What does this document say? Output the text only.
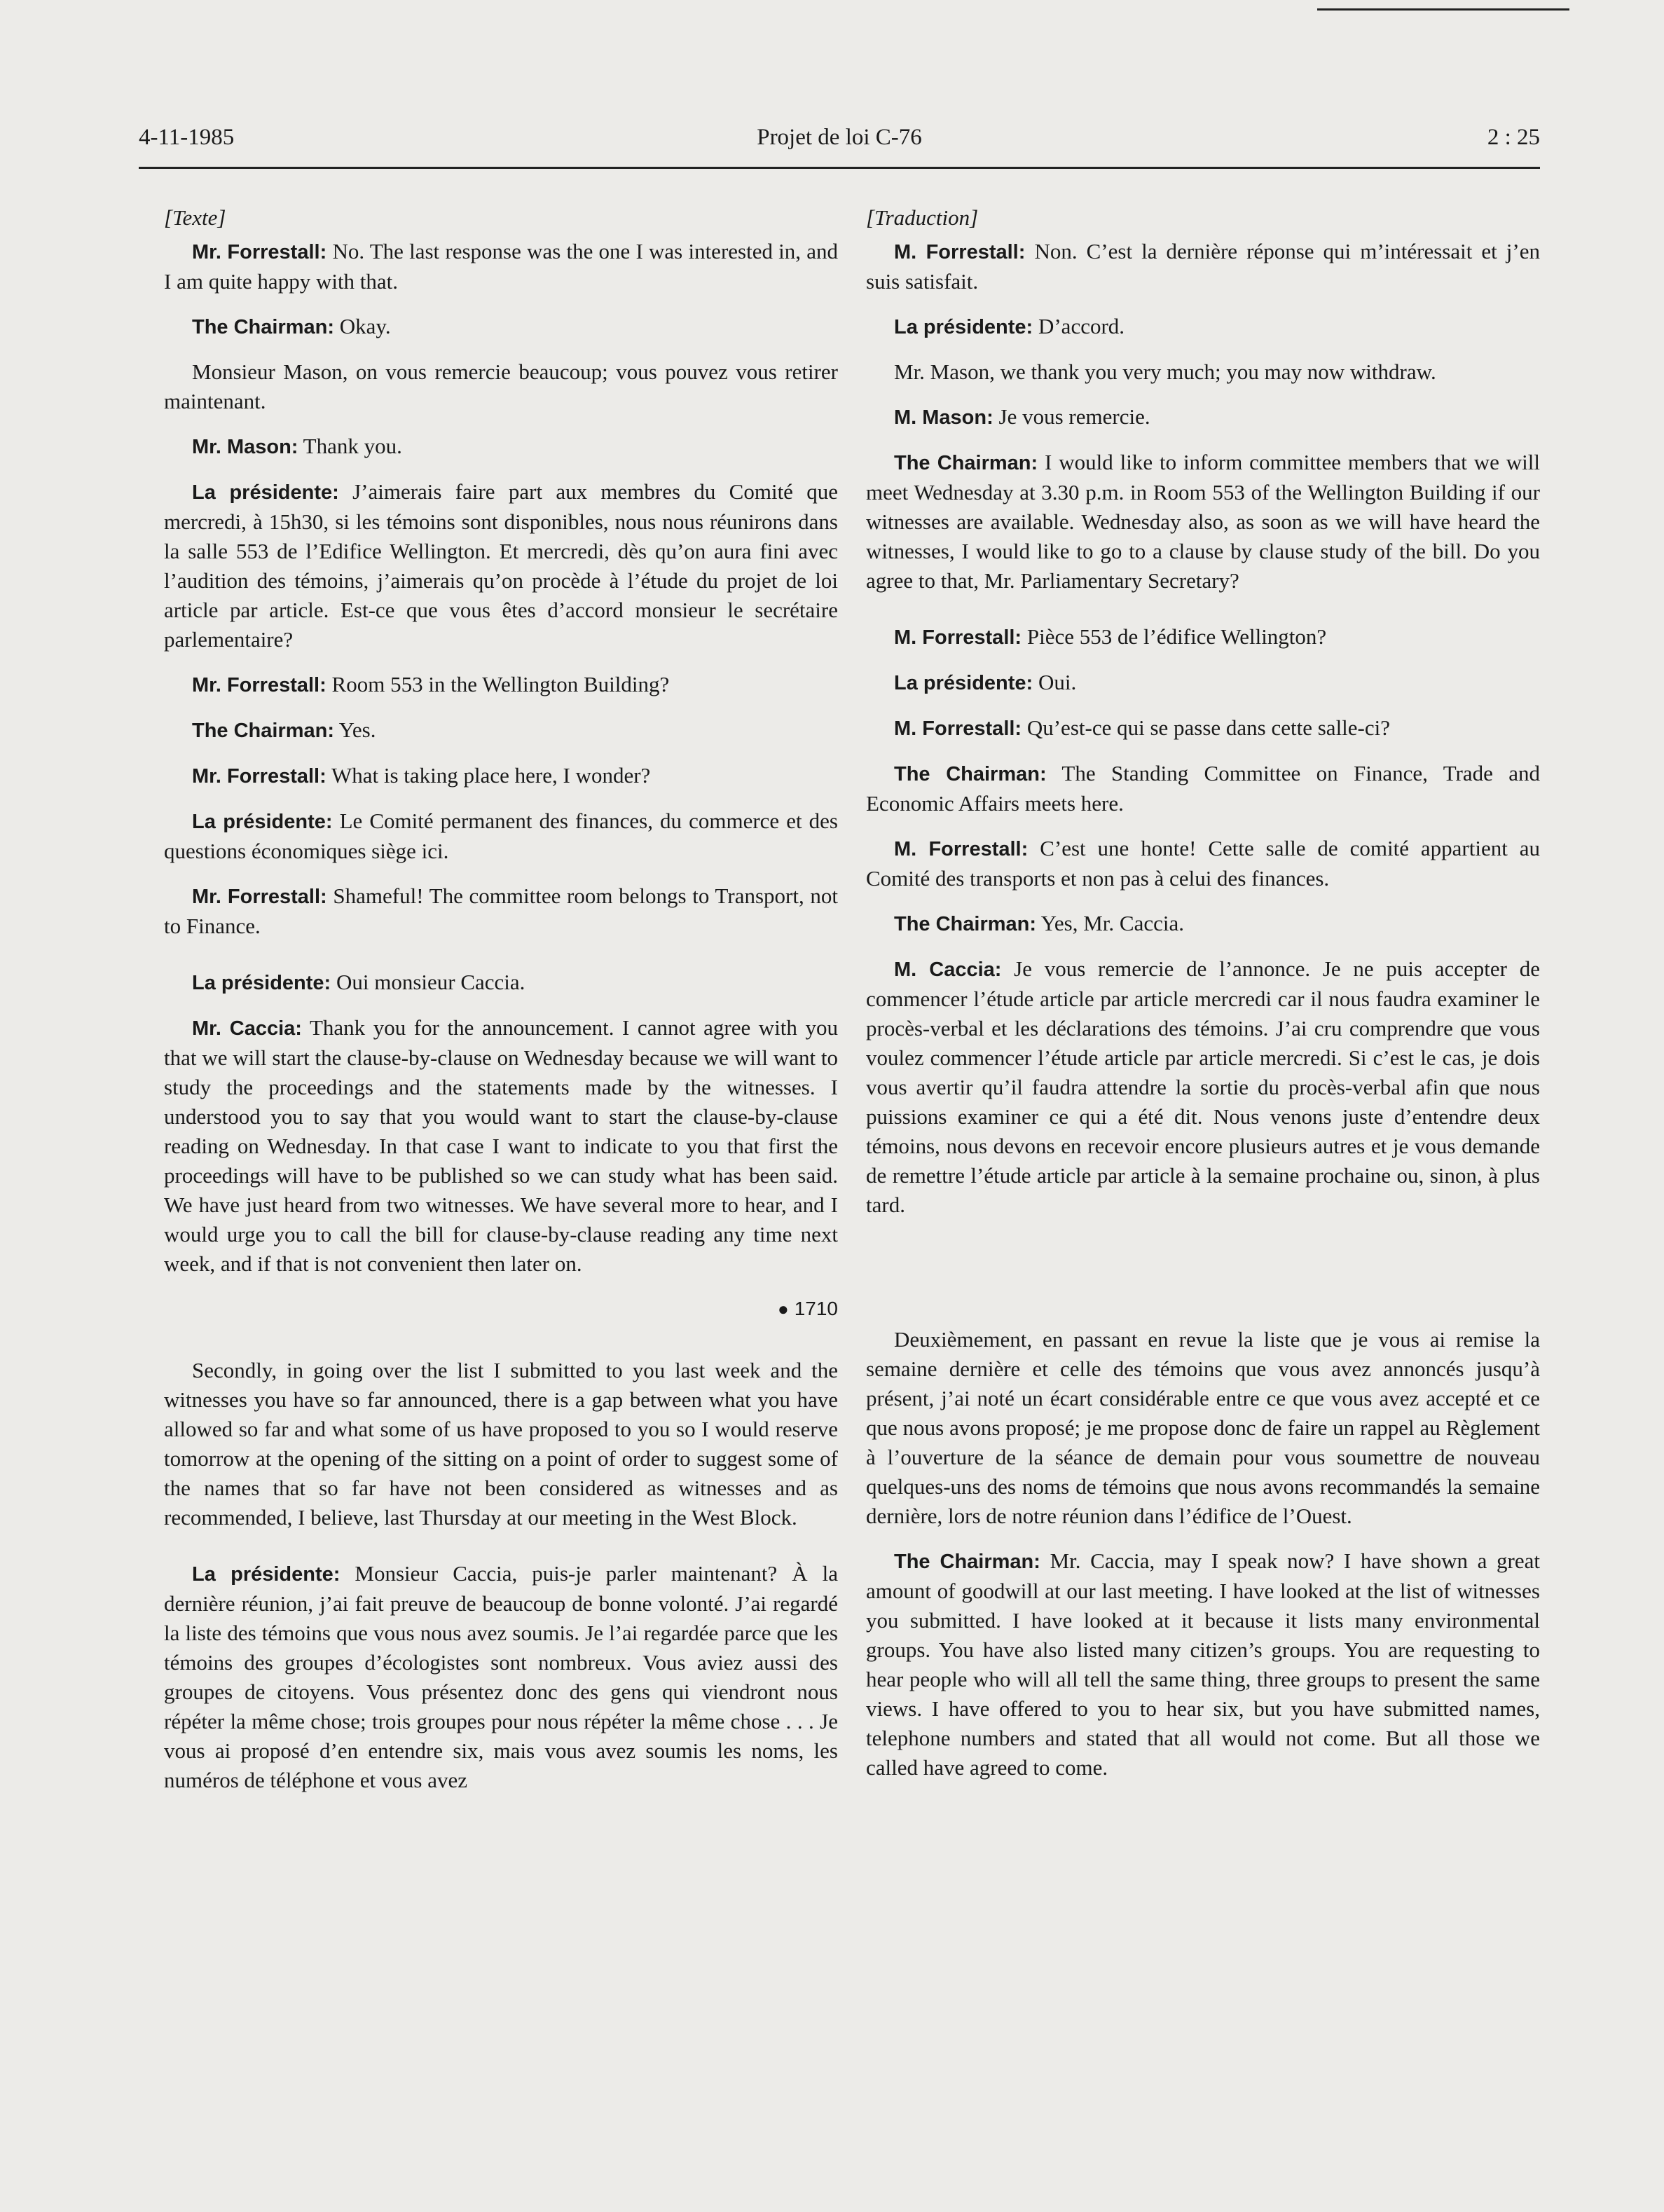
4-11-1985	Projet de loi C-76	2 : 25

[Texte]

Mr. Forrestall: No. The last response was the one I was interested in, and I am quite happy with that.

The Chairman: Okay.

Monsieur Mason, on vous remercie beaucoup; vous pouvez vous retirer maintenant.

Mr. Mason: Thank you.

La présidente: J’aimerais faire part aux membres du Comité que mercredi, à 15h30, si les témoins sont disponibles, nous nous réunirons dans la salle 553 de l’Edifice Wellington. Et mercredi, dès qu’on aura fini avec l’audition des témoins, j’aimerais qu’on procède à l’étude du projet de loi article par article. Est-ce que vous êtes d’accord monsieur le secrétaire parlementaire?

Mr. Forrestall: Room 553 in the Wellington Building?

The Chairman: Yes.

Mr. Forrestall: What is taking place here, I wonder?

La présidente: Le Comité permanent des finances, du commerce et des questions économiques siège ici.

Mr. Forrestall: Shameful! The committee room belongs to Transport, not to Finance.

La présidente: Oui monsieur Caccia.

Mr. Caccia: Thank you for the announcement. I cannot agree with you that we will start the clause-by-clause on Wednesday because we will want to study the proceedings and the statements made by the witnesses. I understood you to say that you would want to start the clause-by-clause reading on Wednesday. In that case I want to indicate to you that first the proceedings will have to be published so we can study what has been said. We have just heard from two witnesses. We have several more to hear, and I would urge you to call the bill for clause-by-clause reading any time next week, and if that is not convenient then later on.

● 1710

Secondly, in going over the list I submitted to you last week and the witnesses you have so far announced, there is a gap between what you have allowed so far and what some of us have proposed to you so I would reserve tomorrow at the opening of the sitting on a point of order to suggest some of the names that so far have not been considered as witnesses and as recommended, I believe, last Thursday at our meeting in the West Block.

La présidente: Monsieur Caccia, puis-je parler maintenant? À la dernière réunion, j’ai fait preuve de beaucoup de bonne volonté. J’ai regardé la liste des témoins que vous nous avez soumis. Je l’ai regardée parce que les témoins des groupes d’écologistes sont nombreux. Vous aviez aussi des groupes de citoyens. Vous présentez donc des gens qui viendront nous répéter la même chose; trois groupes pour nous répéter la même chose . . . Je vous ai proposé d’en entendre six, mais vous avez soumis les noms, les numéros de téléphone et vous avez

[Traduction]

M. Forrestall: Non. C’est la dernière réponse qui m’intéressait et j’en suis satisfait.

La présidente: D’accord.

Mr. Mason, we thank you very much; you may now withdraw.

M. Mason: Je vous remercie.

The Chairman: I would like to inform committee members that we will meet Wednesday at 3.30 p.m. in Room 553 of the Wellington Building if our witnesses are available. Wednesday also, as soon as we will have heard the witnesses, I would like to go to a clause by clause study of the bill. Do you agree to that, Mr. Parliamentary Secretary?

M. Forrestall: Pièce 553 de l’édifice Wellington?

La présidente: Oui.

M. Forrestall: Qu’est-ce qui se passe dans cette salle-ci?

The Chairman: The Standing Committee on Finance, Trade and Economic Affairs meets here.

M. Forrestall: C’est une honte! Cette salle de comité appartient au Comité des transports et non pas à celui des finances.

The Chairman: Yes, Mr. Caccia.

M. Caccia: Je vous remercie de l’annonce. Je ne puis accepter de commencer l’étude article par article mercredi car il nous faudra examiner le procès-verbal et les déclarations des témoins. J’ai cru comprendre que vous voulez commencer l’étude article par article mercredi. Si c’est le cas, je dois vous avertir qu’il faudra attendre la sortie du procès-verbal afin que nous puissions examiner ce qui a été dit. Nous venons juste d’entendre deux témoins, nous devons en recevoir encore plusieurs autres et je vous demande de remettre l’étude article par article à la semaine prochaine ou, sinon, à plus tard.

Deuxièmement, en passant en revue la liste que je vous ai remise la semaine dernière et celle des témoins que vous avez annoncés jusqu’à présent, j’ai noté un écart considérable entre ce que vous avez accepté et ce que nous avons proposé; je me propose donc de faire un rappel au Règlement à l’ouverture de la séance de demain pour vous soumettre de nouveau quelques-uns des noms de témoins que nous avons recommandés la semaine dernière, lors de notre réunion dans l’édifice de l’Ouest.

The Chairman: Mr. Caccia, may I speak now? I have shown a great amount of goodwill at our last meeting. I have looked at the list of witnesses you submitted. I have looked at it because it lists many environmental groups. You have also listed many citizen’s groups. You are requesting to hear people who will all tell the same thing, three groups to present the same views. I have offered to you to hear six, but you have submitted names, telephone numbers and stated that all would not come. But all those we called have agreed to come.
